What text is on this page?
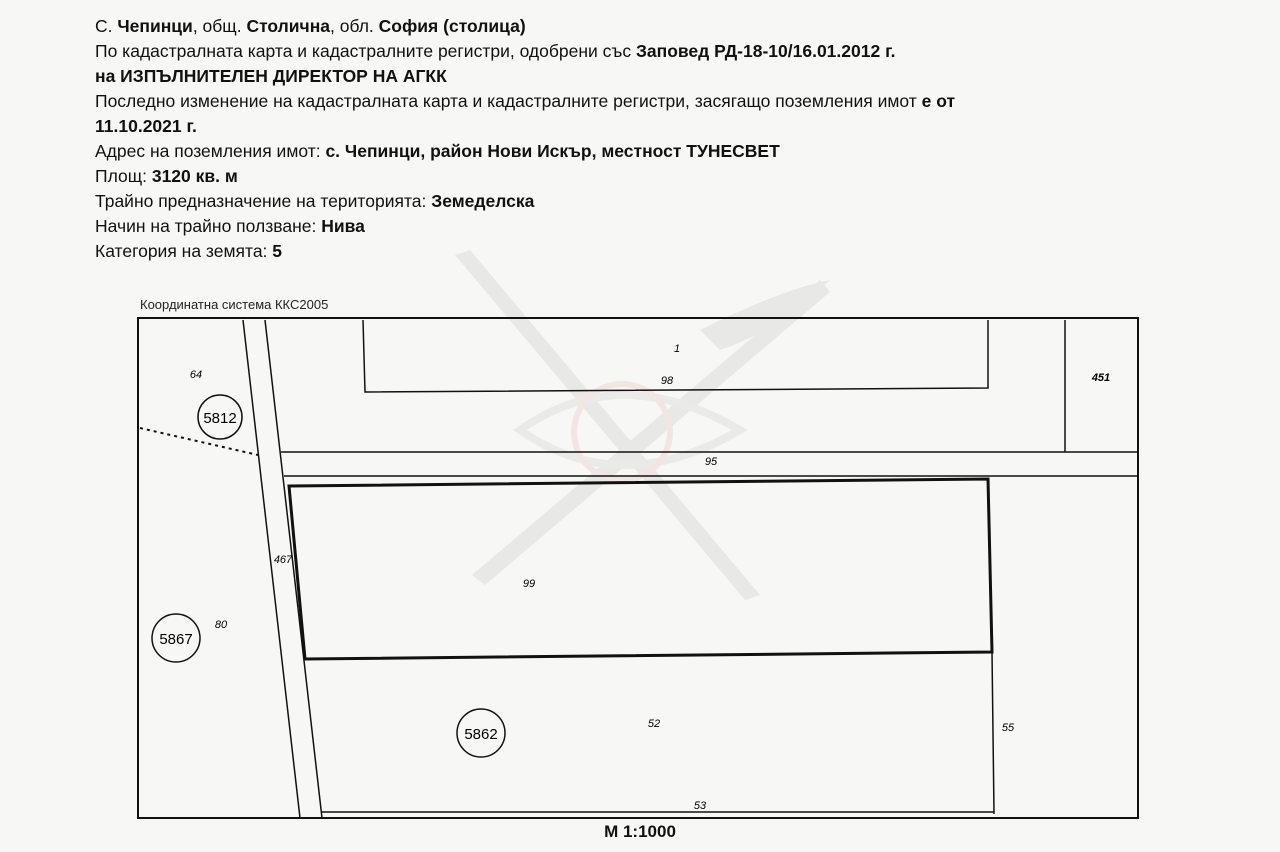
С. Чепинци, общ. Столична, обл. София (столица)
По кадастралната карта и кадастралните регистри, одобрени със Заповед РД-18-10/16.01.2012 г.
на ИЗПЪЛНИТЕЛЕН ДИРЕКТОР НА АГКК
Последно изменение на кадастралната карта и кадастралните регистри, засягащо поземления имот е от
11.10.2021 г.
Адрес на поземления имот: с. Чепинци, район Нови Искър, местност ТУНЕСВЕТ
Площ: 3120 кв. м
Трайно предназначение на територията: Земеделска
Начин на трайно ползване: Нива
Категория на земята: 5
Координатна система ККС2005
5812
5867
5862
1
98	451
64
95
467
99
80
52	55
53
М 1:1000
